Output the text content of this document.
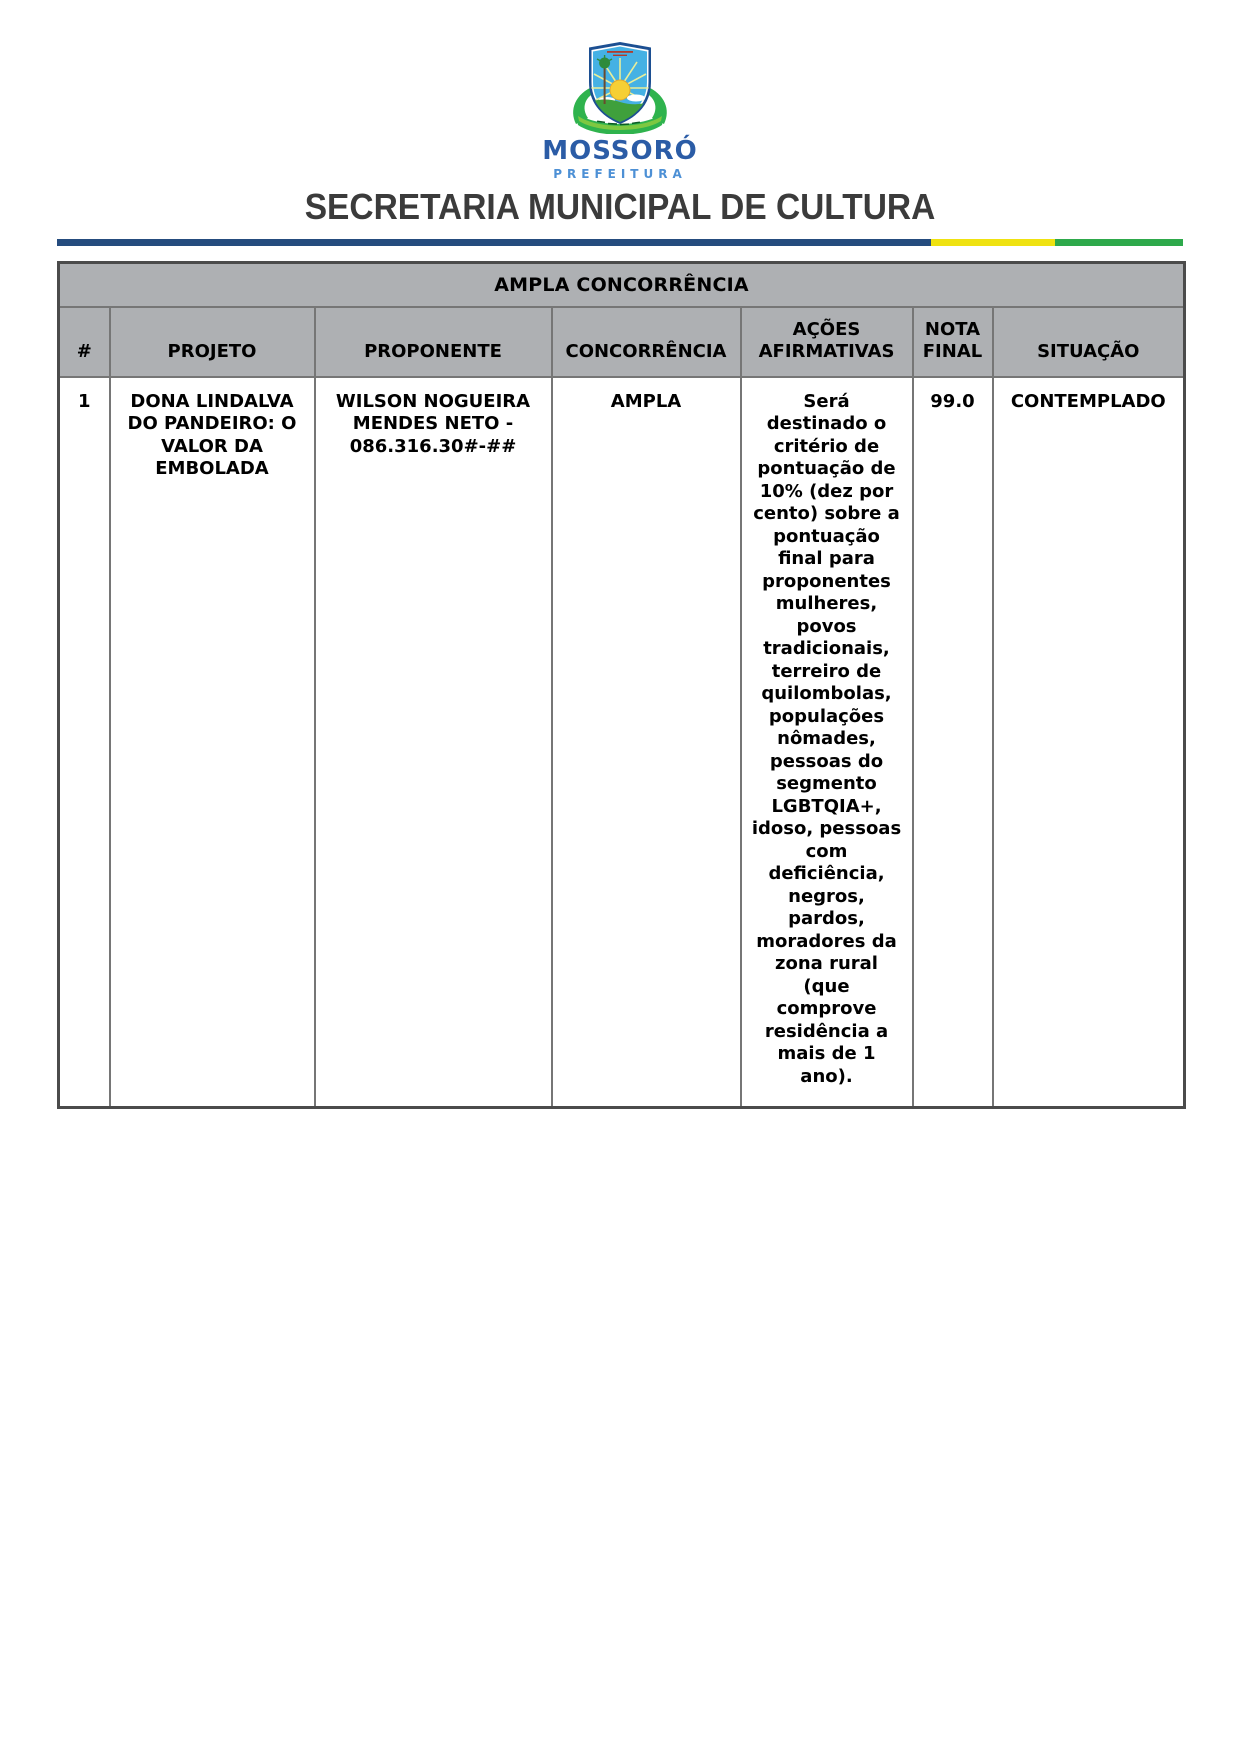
MOSSORÓ
PREFEITURA
SECRETARIA MUNICIPAL DE CULTURA
AMPLA CONCORRÊNCIA						
#	PROJETO	PROPONENTE	CONCORRÊNCIA	AÇÕES AFIRMATIVAS	NOTA FINAL	SITUAÇÃO
1	DONA LINDALVA DO PANDEIRO: O VALOR DA EMBOLADA	WILSON NOGUEIRA MENDES NETO - 086.316.30#-##	AMPLA	Será destinado o critério de pontuação de 10% (dez por cento) sobre a pontuação final para proponentes mulheres, povos tradicionais, terreiro de quilombolas, populações nômades, pessoas do segmento LGBTQIA+, idoso, pessoas com deficiência, negros, pardos, moradores da zona rural (que comprove residência a mais de 1 ano).	99.0	CONTEMPLADO
